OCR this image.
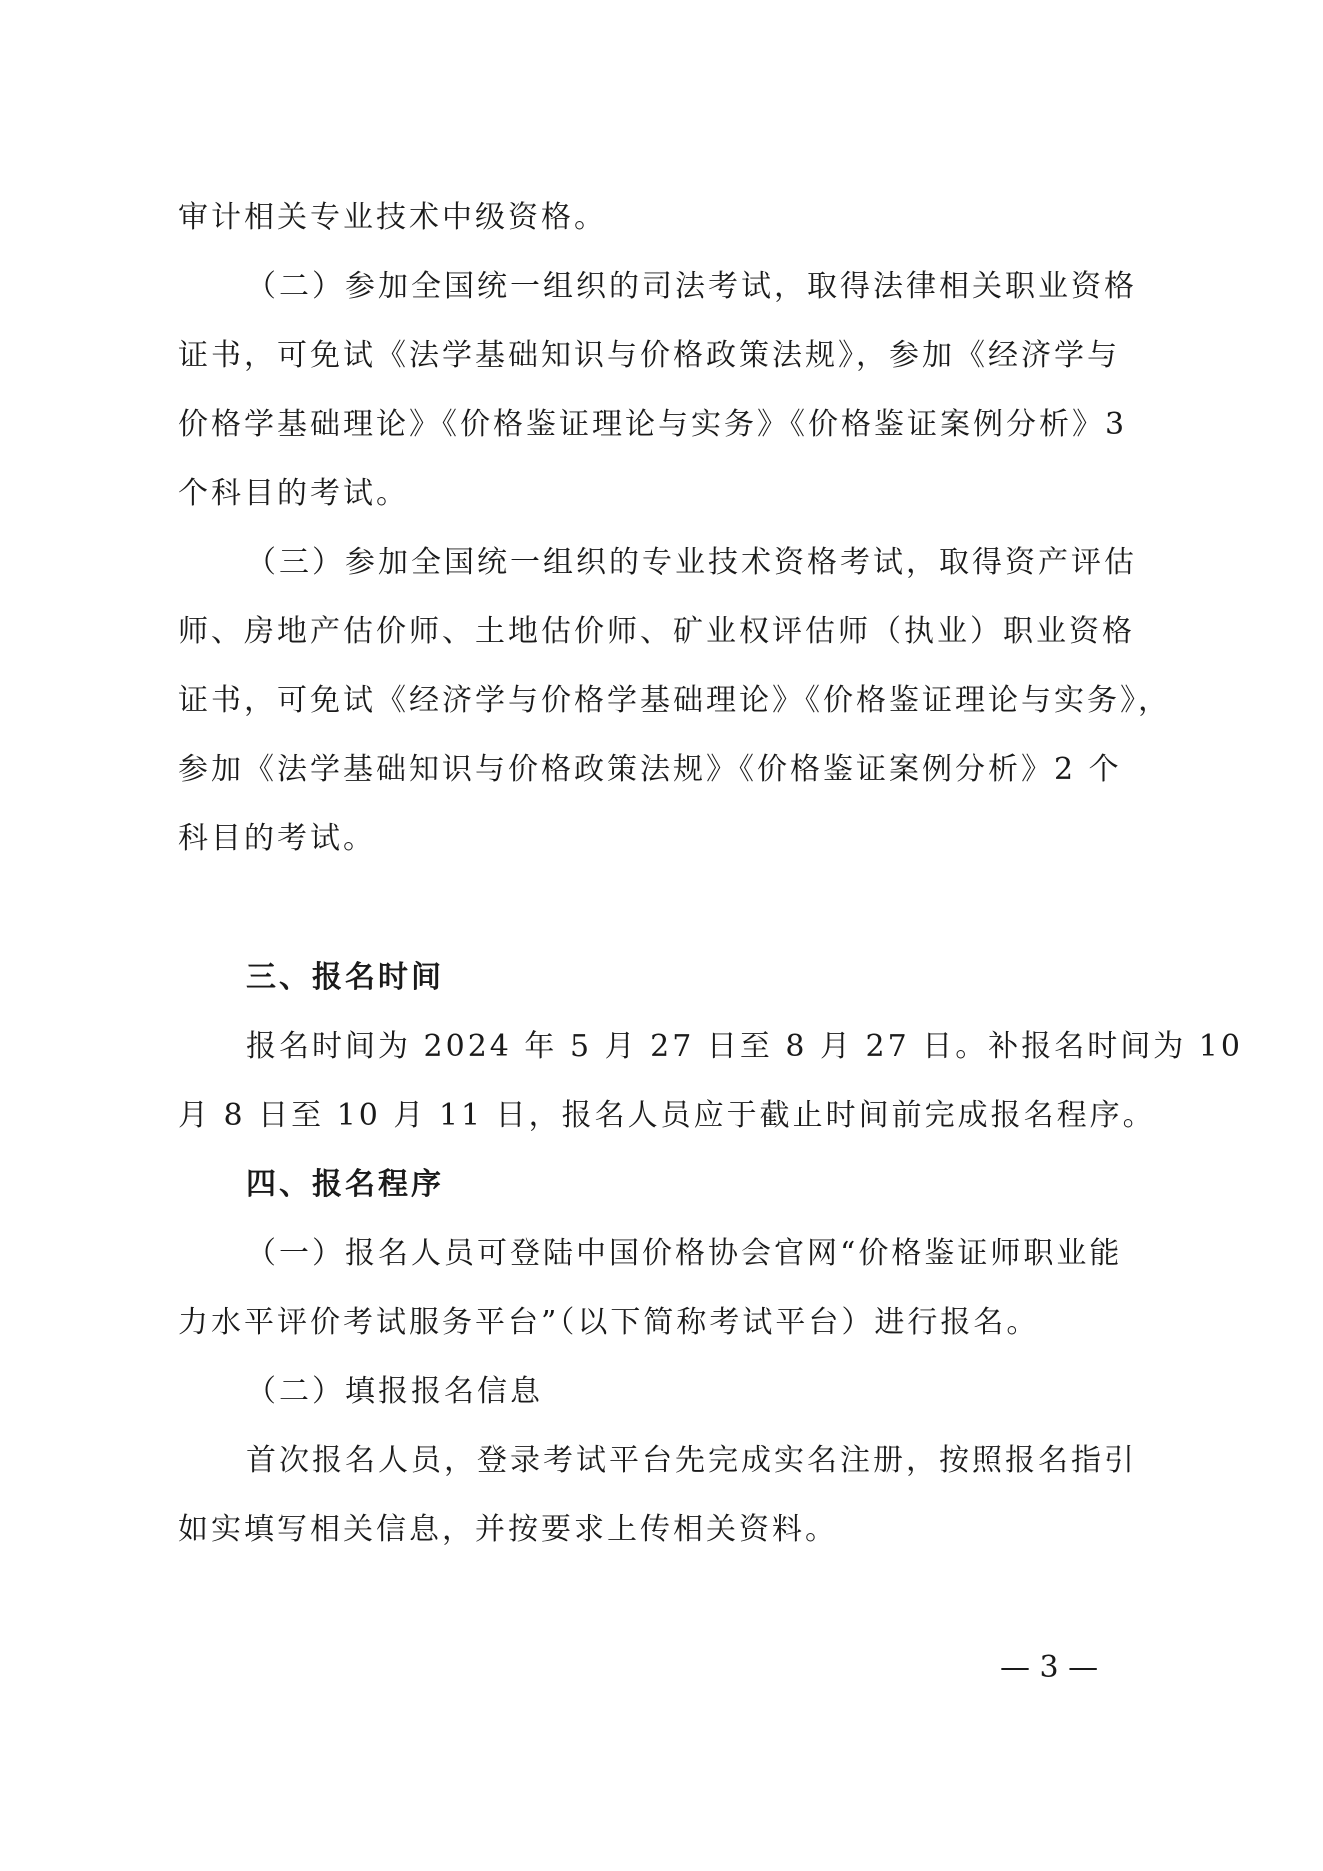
审计相关专业技术中级资格。
（二）参加全国统一组织的司法考试，取得法律相关职业资格
证书，可免试《法学基础知识与价格政策法规》，参加《经济学与
价格学基础理论》《价格鉴证理论与实务》《价格鉴证案例分析》3
个科目的考试。
（三）参加全国统一组织的专业技术资格考试，取得资产评估
师、房地产估价师、土地估价师、矿业权评估师（执业）职业资格
证书，可免试《经济学与价格学基础理论》《价格鉴证理论与实务》，
参加《法学基础知识与价格政策法规》《价格鉴证案例分析》2 个
科目的考试。
三、报名时间
报名时间为 2024 年 5 月 27 日至 8 月 27 日。补报名时间为 10
月 8 日至 10 月 11 日，报名人员应于截止时间前完成报名程序。
四、报名程序
（一）报名人员可登陆中国价格协会官网“价格鉴证师职业能
力水平评价考试服务平台”（以下简称考试平台）进行报名。
（二）填报报名信息
首次报名人员，登录考试平台先完成实名注册，按照报名指引
如实填写相关信息，并按要求上传相关资料。
— 3 —
